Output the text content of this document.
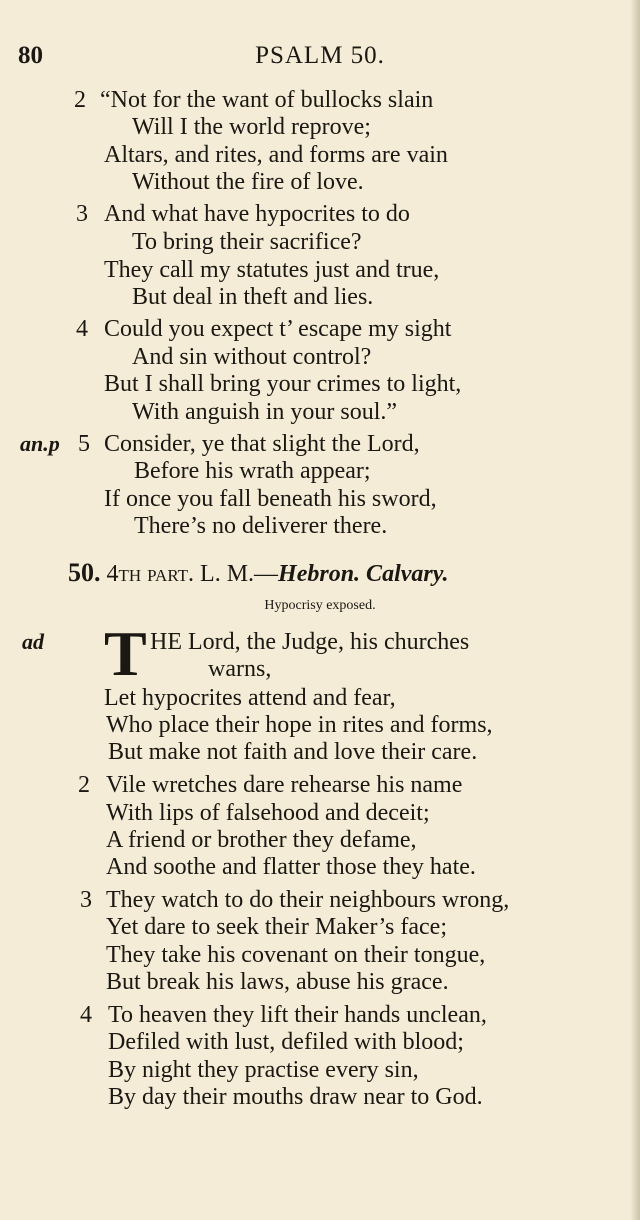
80	PSALM 50.
2 “Not for the want of bullocks slain
Will I the world reprove;
Altars, and rites, and forms are vain
Without the fire of love.
3 And what have hypocrites to do
To bring their sacrifice?
They call my statutes just and true,
But deal in theft and lies.
4 Could you expect t’ escape my sight
And sin without control?
But I shall bring your crimes to light,
With anguish in your soul.”
an.p 5 Consider, ye that slight the Lord,
Before his wrath appear;
If once you fall beneath his sword,
There’s no deliverer there.
50. 4th part. L. M.—Hebron. Calvary.
Hypocrisy exposed.
ad T HE Lord, the Judge, his churches
warns,
Let hypocrites attend and fear,
Who place their hope in rites and forms,
But make not faith and love their care.
2 Vile wretches dare rehearse his name
With lips of falsehood and deceit;
A friend or brother they defame,
And soothe and flatter those they hate.
3 They watch to do their neighbours wrong,
Yet dare to seek their Maker’s face;
They take his covenant on their tongue,
But break his laws, abuse his grace.
4 To heaven they lift their hands unclean,
Defiled with lust, defiled with blood;
By night they practise every sin,
By day their mouths draw near to God.
